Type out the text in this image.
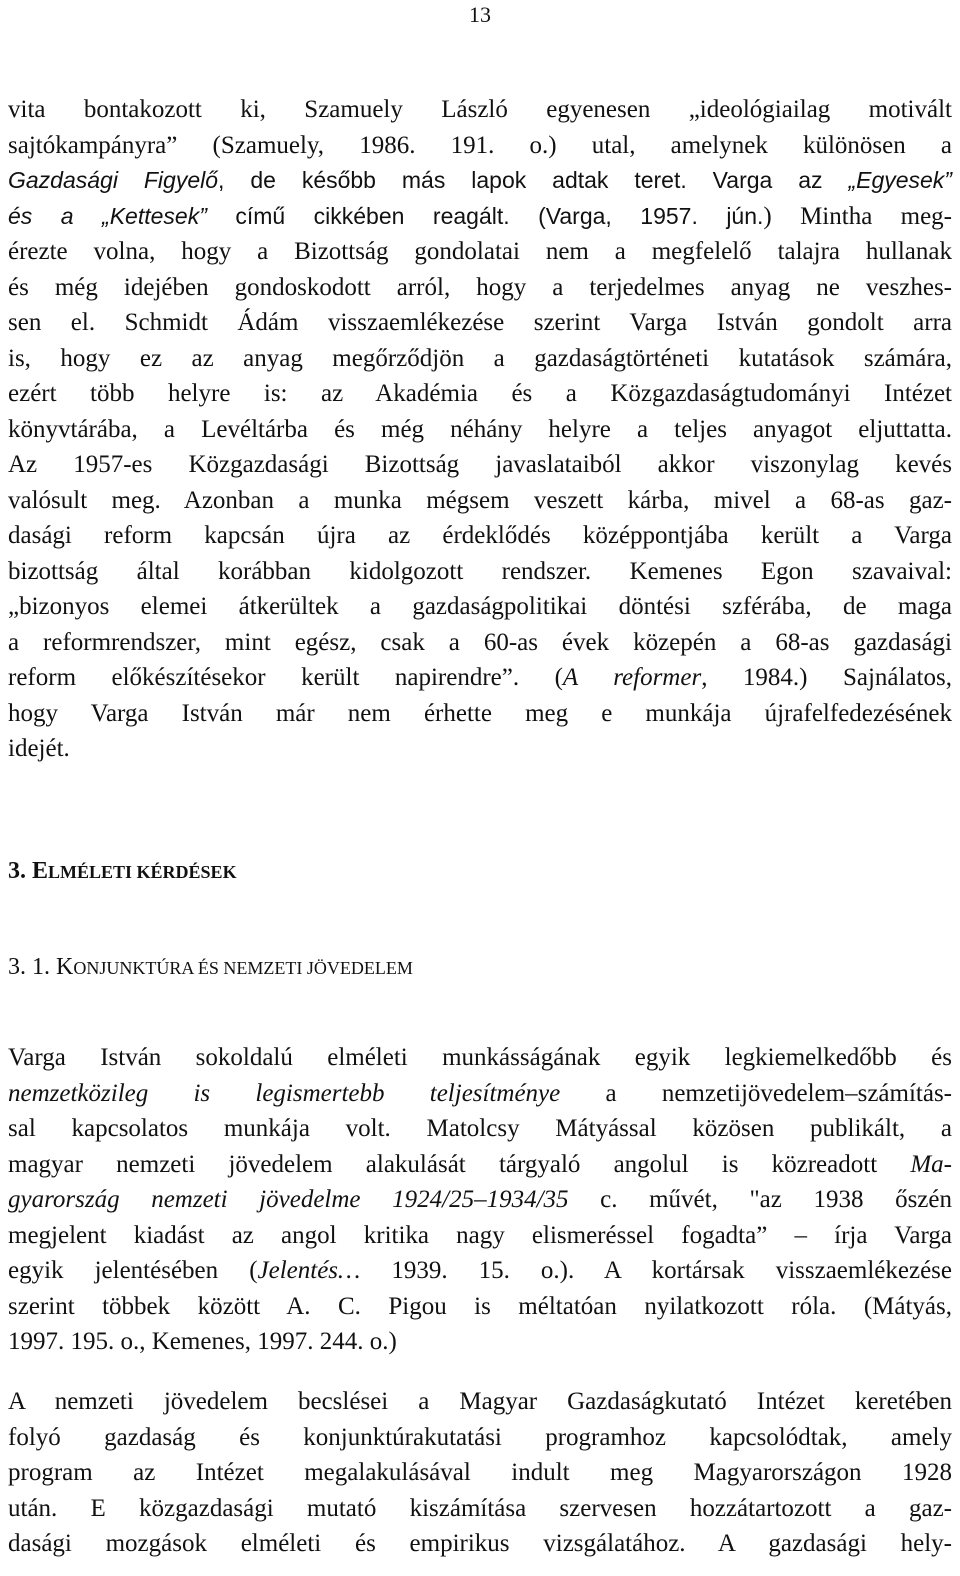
13
vita bontakozott ki, Szamuely László egyenesen „ideológiailag motivált
sajtókampányra” (Szamuely, 1986. 191. o.) utal, amelynek különösen a
Gazdasági Figyelő, de később más lapok adtak teret. Varga az „Egyesek”
és a „Kettesek” című cikkében reagált. (Varga, 1957. jún.) Mintha meg-
érezte volna, hogy a Bizottság gondolatai nem a megfelelő talajra hullanak
és még idejében gondoskodott arról, hogy a terjedelmes anyag ne veszhes-
sen el. Schmidt Ádám visszaemlékezése szerint Varga István gondolt arra
is, hogy ez az anyag megőrződjön a gazdaságtörténeti kutatások számára,
ezért több helyre is: az Akadémia és a Közgazdaságtudományi Intézet
könyvtárába, a Levéltárba és még néhány helyre a teljes anyagot eljuttatta.
Az 1957-es Közgazdasági Bizottság javaslataiból akkor viszonylag kevés
valósult meg. Azonban a munka mégsem veszett kárba, mivel a 68-as gaz-
dasági reform kapcsán újra az érdeklődés középpontjába került a Varga
bizottság által korábban kidolgozott rendszer. Kemenes Egon szavaival:
„bizonyos elemei átkerültek a gazdaságpolitikai döntési szférába, de maga
a reformrendszer, mint egész, csak a 60-as évek közepén a 68-as gazdasági
reform előkészítésekor került napirendre”. (A reformer, 1984.) Sajnálatos,
hogy Varga István már nem érhette meg e munkája újrafelfedezésének
idejét.
3. ELMÉLETI KÉRDÉSEK
3. 1. KONJUNKTÚRA ÉS NEMZETI JÖVEDELEM
Varga István sokoldalú elméleti munkásságának egyik legkiemelkedőbb és
nemzetközileg is legismertebb teljesítménye a nemzetijövedelem–számítás-
sal kapcsolatos munkája volt. Matolcsy Mátyással közösen publikált, a
magyar nemzeti jövedelem alakulását tárgyaló angolul is közreadott Ma-
gyarország nemzeti jövedelme 1924/25–1934/35 c. művét, "az 1938 őszén
megjelent kiadást az angol kritika nagy elismeréssel fogadta” – írja Varga
egyik jelentésében (Jelentés… 1939. 15. o.). A kortársak visszaemlékezése
szerint többek között A. C. Pigou is méltatóan nyilatkozott róla. (Mátyás,
1997. 195. o., Kemenes, 1997. 244. o.)
A nemzeti jövedelem becslései a Magyar Gazdaságkutató Intézet keretében
folyó gazdaság és konjunktúrakutatási programhoz kapcsolódtak, amely
program az Intézet megalakulásával indult meg Magyarországon 1928
után. E közgazdasági mutató kiszámítása szervesen hozzátartozott a gaz-
dasági mozgások elméleti és empirikus vizsgálatához. A gazdasági hely-
